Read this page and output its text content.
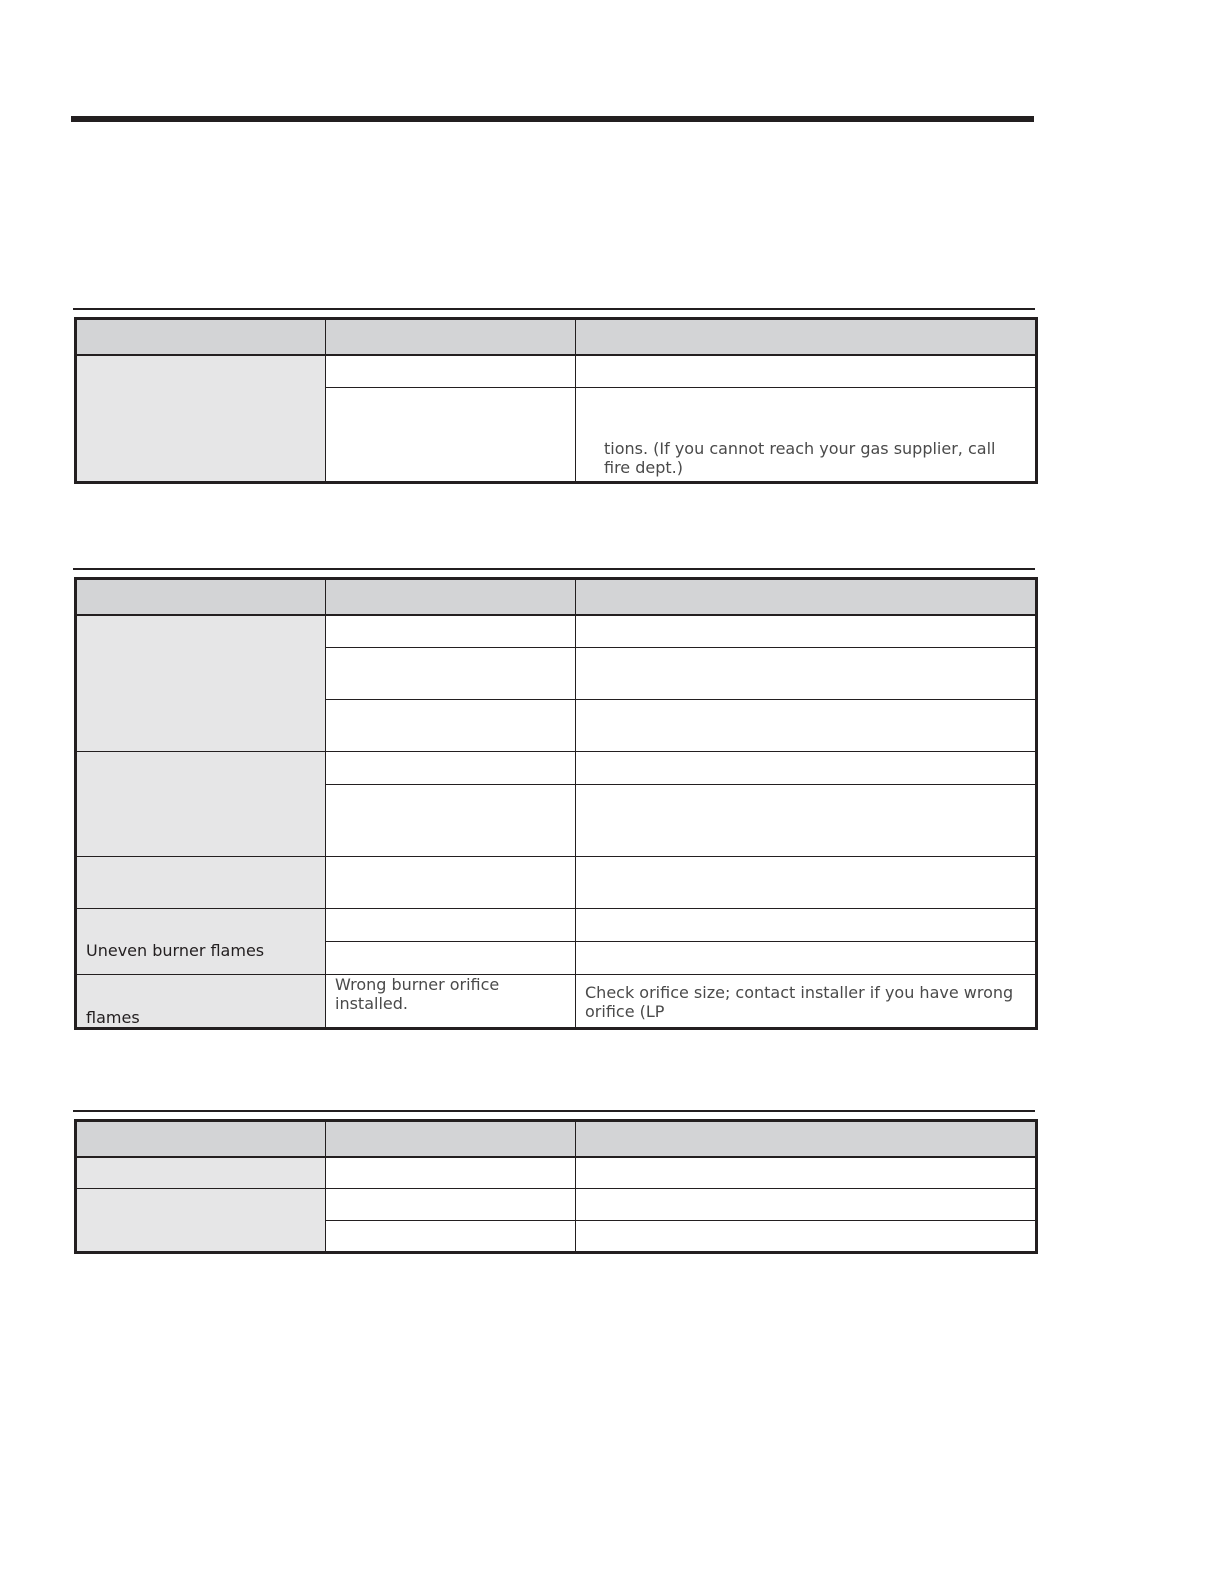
		tions. (If you cannot reach your gas supplier, call fire dept.)

Uneven burner flames		

flames	Wrong burner orifice installed.	Check orifice size; contact installer if you have wrong orifice (LP
